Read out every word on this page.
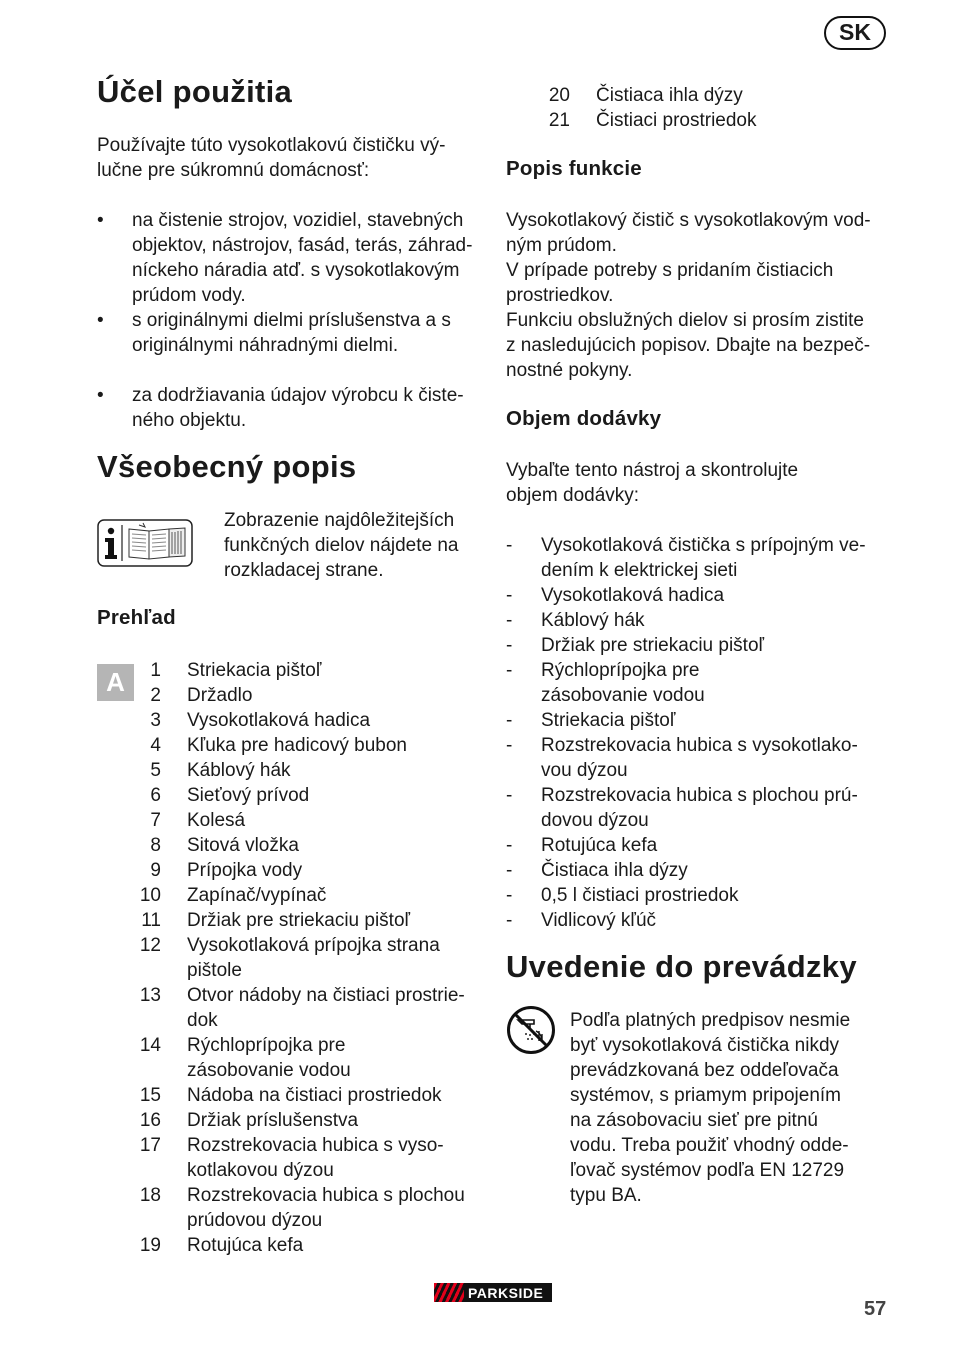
SK
Účel použitia

Používajte túto vysokotlakovú čističku vý-

lučne pre súkromnú domácnosť:

• na čistenie strojov, vozidiel, stavebných
objektov, nástrojov, fasád, terás, záhrad-
níckeho náradia atď. s vysokotlakovým
prúdom vody.
• s originálnymi dielmi príslušenstva a s
originálnymi náhradnými dielmi.
• za dodržiavania údajov výrobcu k čiste-
ného objektu.
Všeobecný popis

Zobrazenie najdôležitejších

funkčných dielov nájdete na

rozkladacej strane.

Prehľad
A	1 Striekacia pištoľ
2 Držadlo
3 Vysokotlaková hadica
4 Kľuka pre hadicový bubon
5 Káblový hák
6 Sieťový prívod
7 Kolesá
8 Sitová vložka
9 Prípojka vody
10 Zapínač/vypínač
11 Držiak pre striekaciu pištoľ
12 Vysokotlaková prípojka strana
pištole
13 Otvor nádoby na čistiaci prostrie-
dok
14 Rýchloprípojka pre
zásobovanie vodou
15 Nádoba na čistiaci prostriedok
16 Držiak príslušenstva
17 Rozstrekovacia hubica s vyso-
kotlakovou dýzou
18 Rozstrekovacia hubica s plochou
prúdovou dýzou
19 Rotujúca kefa
20 Čistiaca ihla dýzy
21 Čistiaci prostriedok
Popis funkcie

Vysokotlakový čistič s vysokotlakovým vod-

ným prúdom.

V prípade potreby s pridaním čistiacich

prostriedkov.

Funkciu obslužných dielov si prosím zistite

z nasledujúcich popisov. Dbajte na bezpeč-

nostné pokyny.

Objem dodávky

Vybaľte tento nástroj a skontrolujte

objem dodávky:

- Vysokotlaková čistička s prípojným ve-
dením k elektrickej sieti
- Vysokotlaková hadica
- Káblový hák
- Držiak pre striekaciu pištoľ
- Rýchloprípojka pre
zásobovanie vodou
- Striekacia pištoľ
- Rozstrekovacia hubica s vysokotlako-
vou dýzou
- Rozstrekovacia hubica s plochou prú-
dovou dýzou
- Rotujúca kefa
- Čistiaca ihla dýzy
- 0,5 l čistiaci prostriedok
- Vidlicový kľúč
Uvedenie do prevádzky

Podľa platných predpisov nesmie

byť vysokotlaková čistička nikdy

prevádzkovaná bez oddeľovača

systémov, s priamym pripojením

na zásobovaciu sieť pre pitnú

vodu. Treba použiť vhodný odde-

ľovač systémov podľa EN 12729

typu BA.

PARKSIDE
57
